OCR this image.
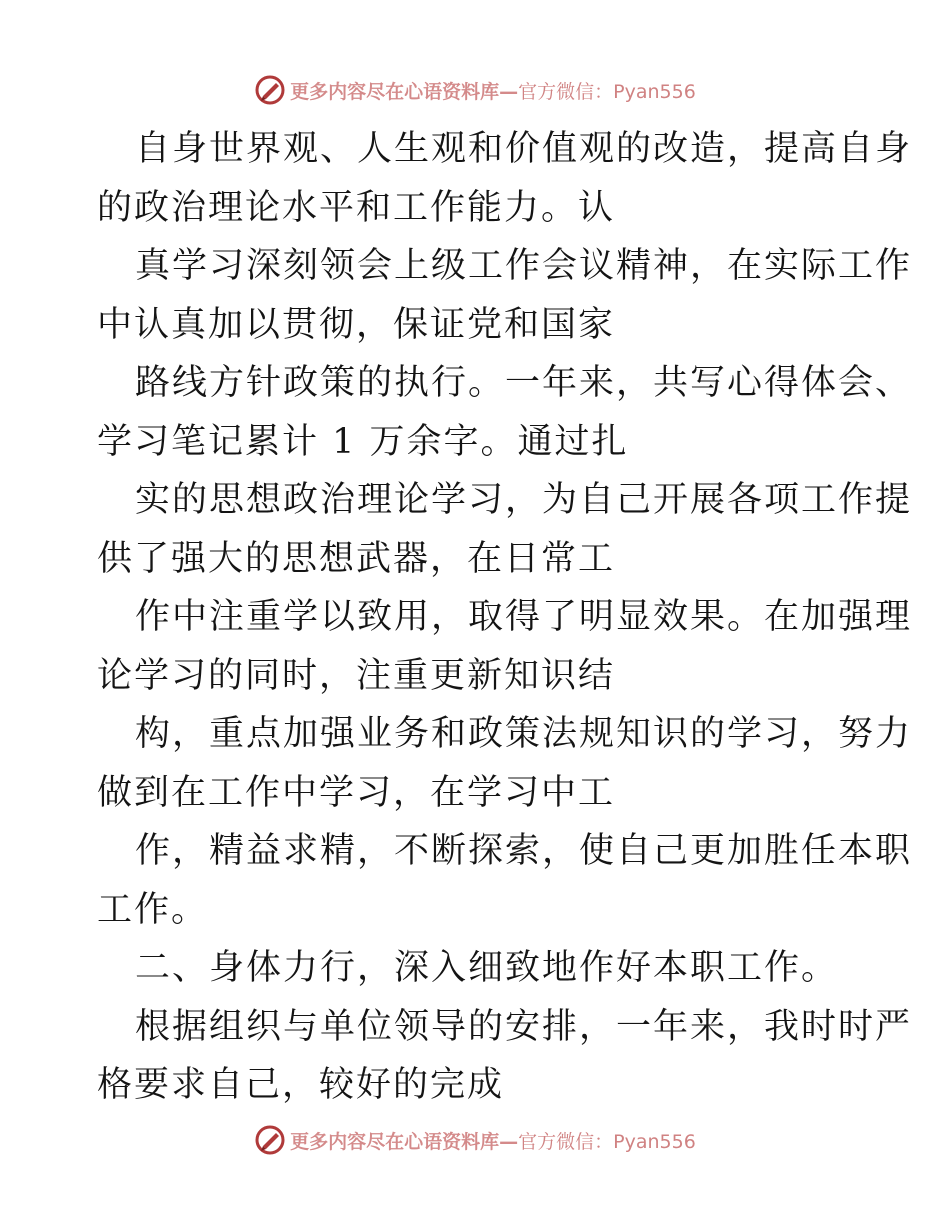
更多内容尽在心语资料库—官方微信：Pyan556
自身世界观、人生观和价值观的改造，提高自身
的政治理论水平和工作能力。认
真学习深刻领会上级工作会议精神，在实际工作
中认真加以贯彻，保证党和国家
路线方针政策的执行。一年来，共写心得体会、
学习笔记累计 1 万余字。通过扎
实的思想政治理论学习，为自己开展各项工作提
供了强大的思想武器，在日常工
作中注重学以致用，取得了明显效果。在加强理
论学习的同时，注重更新知识结
构，重点加强业务和政策法规知识的学习，努力
做到在工作中学习，在学习中工
作，精益求精，不断探索，使自己更加胜任本职
工作。
二、身体力行，深入细致地作好本职工作。
根据组织与单位领导的安排，一年来，我时时严
格要求自己，较好的完成
更多内容尽在心语资料库—官方微信：Pyan556
